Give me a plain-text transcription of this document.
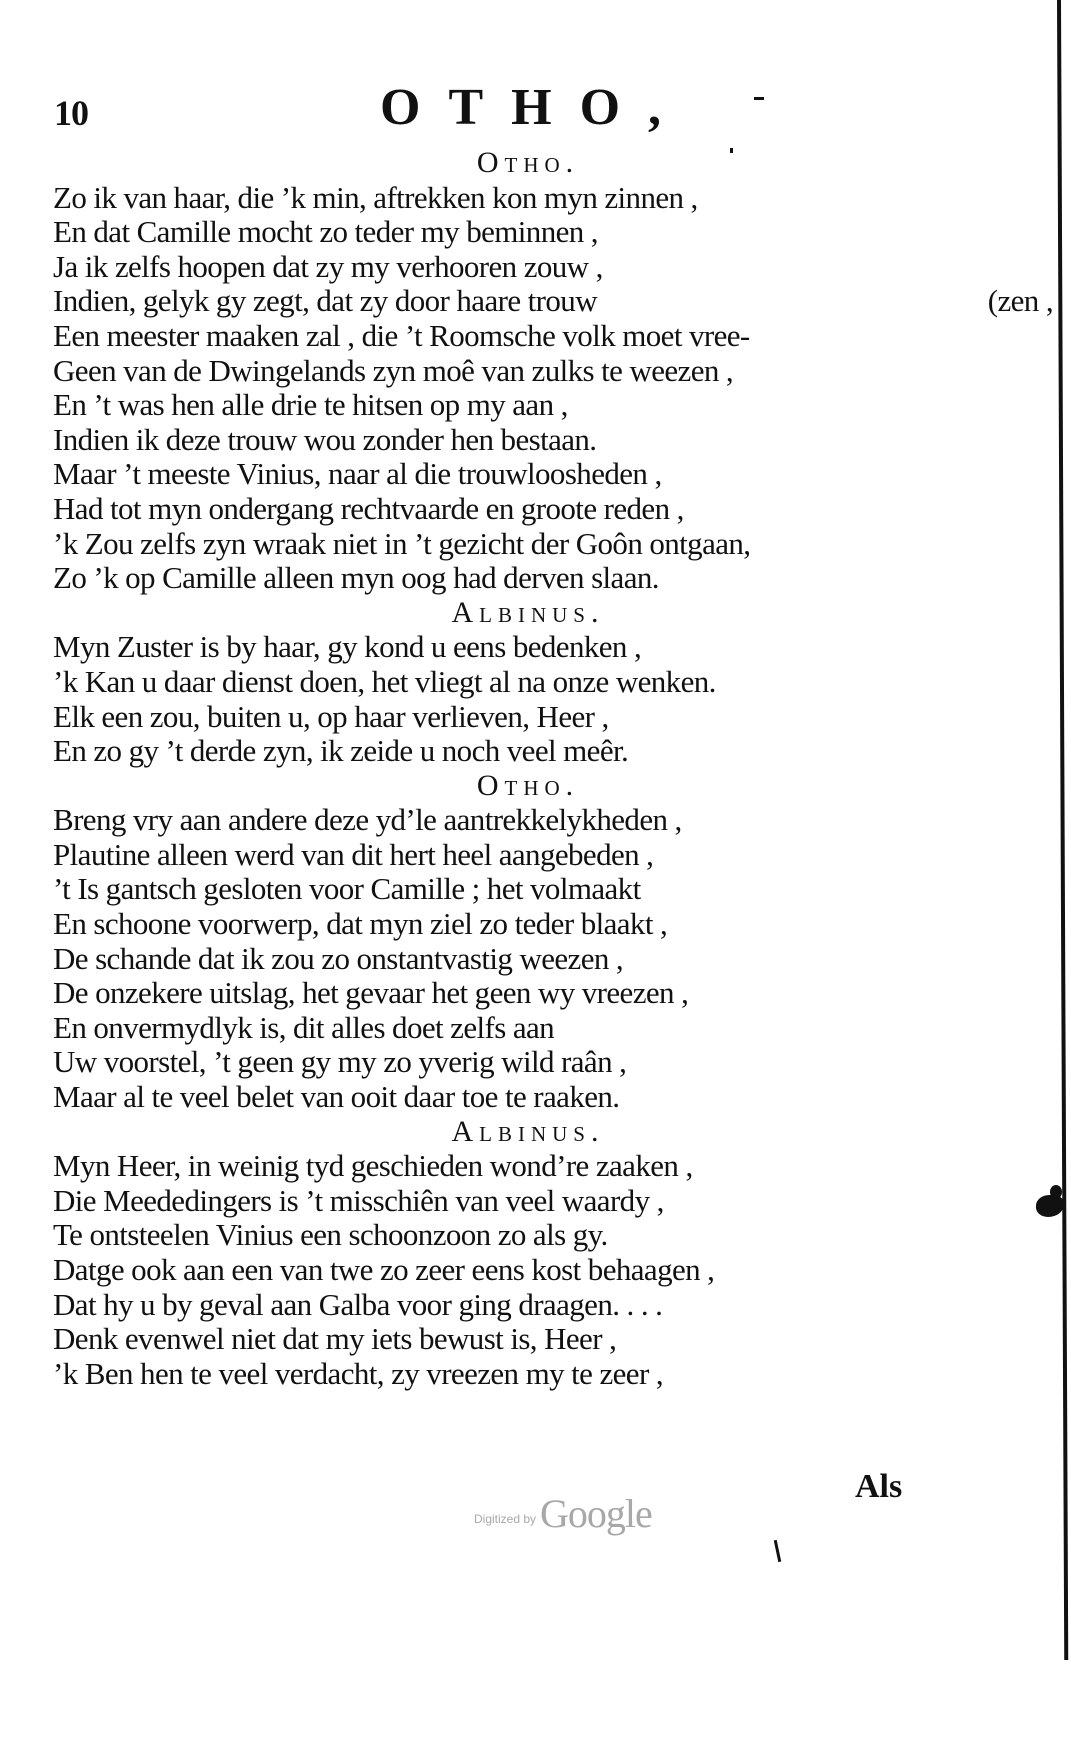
10	OTHO,
Otho.
Zo ik van haar, die ’k min, aftrekken kon myn zinnen ,
En dat Camille mocht zo teder my beminnen ,
Ja ik zelfs hoopen dat zy my verhooren zouw ,
Indien, gelyk gy zegt, dat zy door haare trouw	(zen ,
Een meester maaken zal , die ’t Roomsche volk moet vree-
Geen van de Dwingelands zyn moê van zulks te weezen ,
En ’t was hen alle drie te hitsen op my aan ,
Indien ik deze trouw wou zonder hen bestaan.
Maar ’t meeste Vinius, naar al die trouwloosheden ,
Had tot myn ondergang rechtvaarde en groote reden ,
’k Zou zelfs zyn wraak niet in ’t gezicht der Goôn ontgaan,
Zo ’k op Camille alleen myn oog had derven slaan.
Albinus.
Myn Zuster is by haar, gy kond u eens bedenken ,
’k Kan u daar dienst doen, het vliegt al na onze wenken.
Elk een zou, buiten u, op haar verlieven, Heer ,
En zo gy ’t derde zyn, ik zeide u noch veel meêr.
Otho.
Breng vry aan andere deze yd’le aantrekkelykheden ,
Plautine alleen werd van dit hert heel aangebeden ,
’t Is gantsch gesloten voor Camille ; het volmaakt
En schoone voorwerp, dat myn ziel zo teder blaakt ,
De schande dat ik zou zo onstantvastig weezen ,
De onzekere uitslag, het gevaar het geen wy vreezen ,
En onvermydlyk is, dit alles doet zelfs aan
Uw voorstel, ’t geen gy my zo yverig wild raân ,
Maar al te veel belet van ooit daar toe te raaken.
Albinus.
Myn Heer, in weinig tyd geschieden wond’re zaaken ,
Die Meededingers is ’t misschiên van veel waardy ,
Te ontsteelen Vinius een schoonzoon zo als gy.
Datge ook aan een van twe zo zeer eens kost behaagen ,
Dat hy u by geval aan Galba voor ging draagen. . . .
Denk evenwel niet dat my iets bewust is, Heer ,
’k Ben hen te veel verdacht, zy vreezen my te zeer ,
Als
$^{Digitized by}$ Google
